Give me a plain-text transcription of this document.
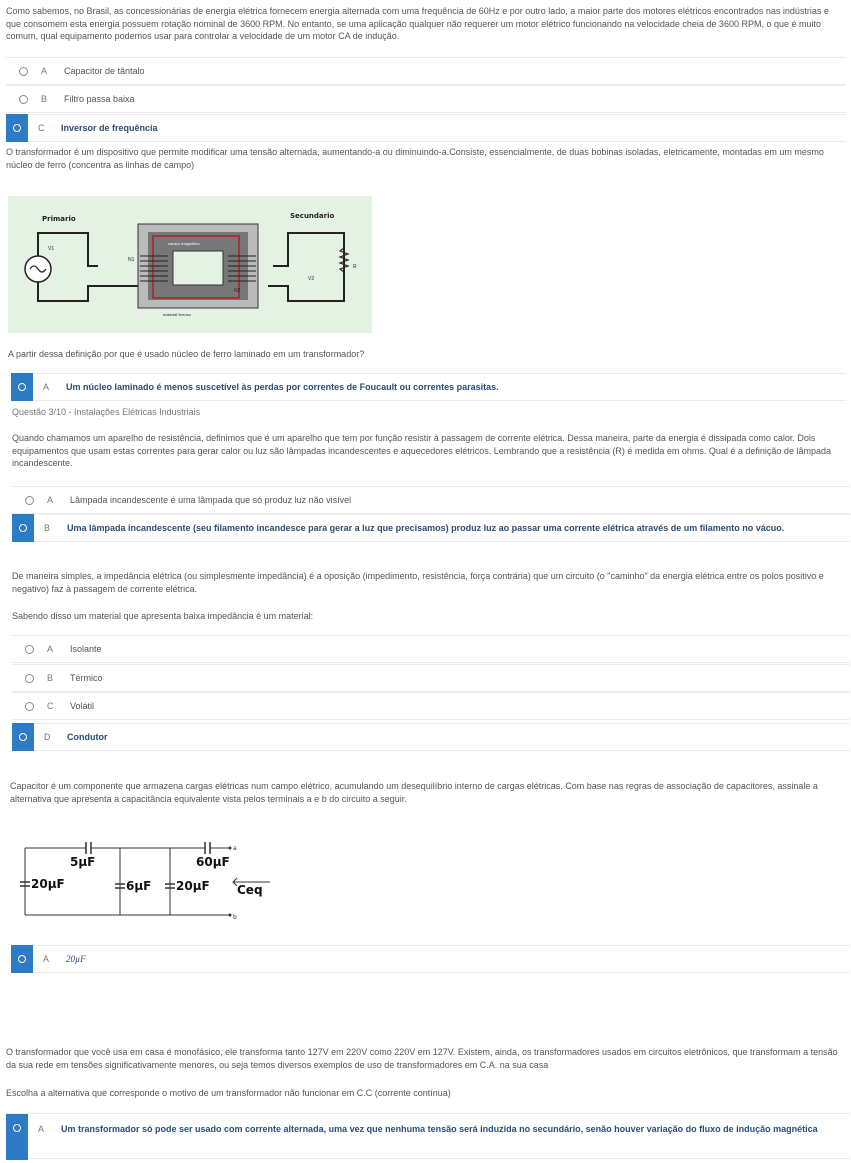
Como sabemos, no Brasil, as concessionárias de energia elétrica fornecem energia alternada com uma frequência de 60Hz e por outro lado, a maior parte dos motores elétricos encontrados nas indústrias e que consomem esta energia possuem rotação nominal de 3600 RPM. No entanto, se uma aplicação qualquer não requerer um motor elétrico funcionando na velocidade cheia de 3600 RPM, o que é muito comum, qual equipamento podemos usar para controlar a velocidade de um motor CA de indução.

A	Capacitor de tântalo
B	Filtro passa baixa
C	Inversor de frequência

O transformador é um dispositivo que permite modificar uma tensão alternada, aumentando-a ou diminuindo-a.Consiste, essencialmente, de duas bobinas isoladas, eletricamente, montadas em um mesmo núcleo de ferro (concentra as linhas de campo)

Primario	Secundario
V1
R
V2
campo magnético
material ferroso
N1
N2

A partir dessa definição por que é usado núcleo de ferro laminado em um transformador?

A	Um núcleo laminado é menos suscetível às perdas por correntes de Foucault ou correntes parasitas.
Questão 3/10 - Instalações Elétricas Industriais

Quando chamamos um aparelho de resistência, definimos que é um aparelho que tem por função resistir à passagem de corrente elétrica. Dessa maneira, parte da energia é dissipada como calor. Dois equipamentos que usam estas correntes para gerar calor ou luz são lâmpadas incandescentes e aquecedores elétricos. Lembrando que a resistência (R) é medida em ohms. Qual é a definição de lâmpada incandescente.

A	Lâmpada incandescente é uma lâmpada que só produz luz não visível
B	Uma lâmpada incandescente (seu filamento incandesce para gerar a luz que precisamos) produz luz ao passar uma corrente elétrica através de um filamento no vácuo.

De maneira simples, a impedância elétrica (ou simplesmente impedância) é a oposição (impedimento, resistência, força contrária) que um circuito (o "caminho" da energia elétrica entre os polos positivo e negativo) faz à passagem de corrente elétrica.

Sabendo disso um material que apresenta baixa impedância é um material:

A	Isolante
B	Térmico
C	Volátil
D	Condutor

Capacitor é um componente que armazena cargas elétricas num campo elétrico, acumulando um desequilíbrio interno de cargas elétricas. Com base nas regras de associação de capacitores, assinale a alternativa que apresenta a capacitância equivalente vista pelos terminais a e b do circuito a seguir.

20µF
5µF
6µF 20µF
60µF
Ceq
a
b
A	20µF

O transformador que você usa em casa é monofásico, ele transforma tanto 127V em 220V como 220V em 127V. Existem, ainda, os transformadores usados em circuitos eletrônicos, que transformam a tensão da sua rede em tensões significativamente menores, ou seja temos diversos exemplos de uso de transformadores em C.A. na sua casa

Escolha a alternativa que corresponde o motivo de um transformador não funcionar em C.C (corrente contínua)

A	Um transformador só pode ser usado com corrente alternada, uma vez que nenhuma tensão será induzida no secundário, senão houver variação do fluxo de indução magnética
